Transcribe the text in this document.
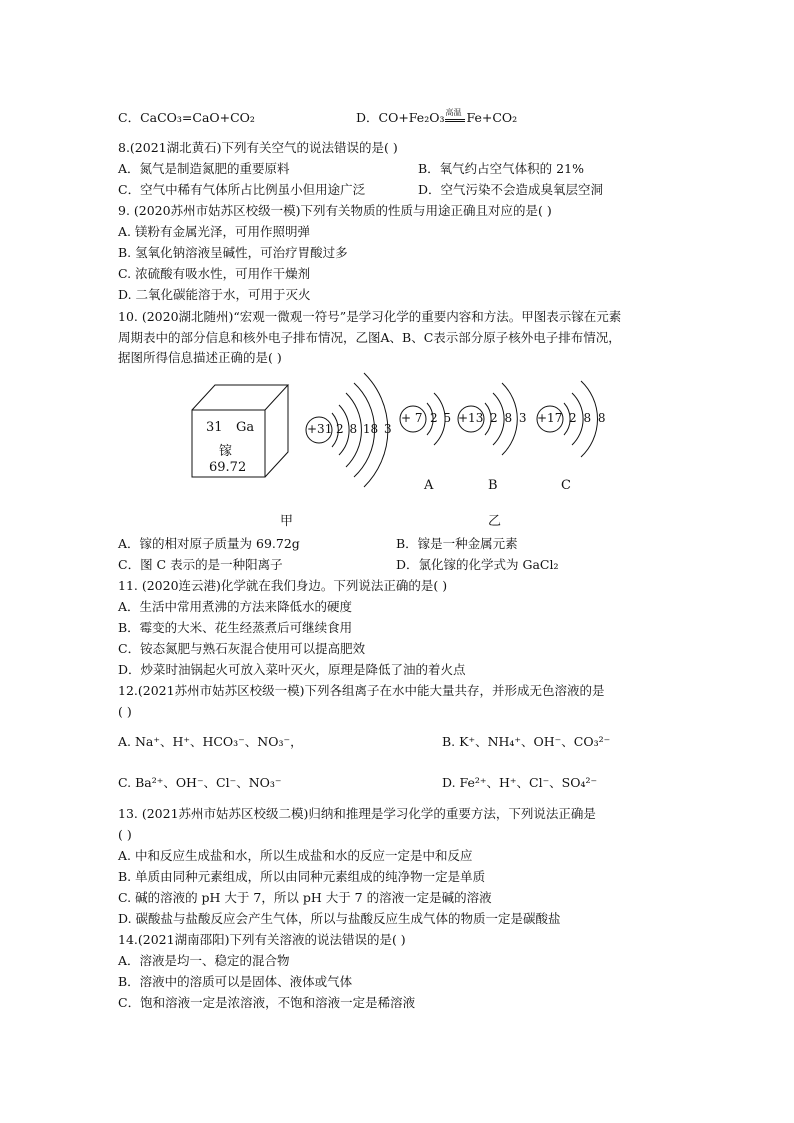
C．CaCO₃=CaO+CO₂	D．CO+Fe₂O₃ 高温 Fe+CO₂
8.(2021湖北黄石)下列有关空气的说法错误的是( )
A．氮气是制造氮肥的重要原料	B．氧气约占空气体积的 21%
C．空气中稀有气体所占比例虽小但用途广泛	D．空气污染不会造成臭氧层空洞
9. (2020苏州市姑苏区校级一模)下列有关物质的性质与用途正确且对应的是( )
A. 镁粉有金属光泽，可用作照明弹
B. 氢氧化钠溶液呈碱性，可治疗胃酸过多
C. 浓硫酸有吸水性，可用作干燥剂
D. 二氧化碳能溶于水，可用于灭火
10. (2020湖北随州)“宏观一微观一符号”是学习化学的重要内容和方法。甲图表示镓在元素
周期表中的部分信息和核外电子排布情况，乙图A、B、C表示部分原子核外电子排布情况，
据图所得信息描述正确的是( )
31 Ga
镓
69.72
+31 2 8 18 3
+ 7 2 5 +13 2 8 3 +17 2 8 8
A	B	C
甲	乙
A．镓的相对原子质量为 69.72g	B．镓是一种金属元素
C．图 C 表示的是一种阳离子	D．氯化镓的化学式为 GaCl₂
11. (2020连云港)化学就在我们身边。下列说法正确的是( )
A．生活中常用煮沸的方法来降低水的硬度
B．霉变的大米、花生经蒸煮后可继续食用
C．铵态氮肥与熟石灰混合使用可以提高肥效
D．炒菜时油锅起火可放入菜叶灭火，原理是降低了油的着火点
12.(2021苏州市姑苏区校级一模)下列各组离子在水中能大量共存，并形成无色溶液的是
( )
A. Na⁺、H⁺、HCO₃⁻、NO₃⁻，	B. K⁺、NH₄⁺、OH⁻、CO₃²⁻
C. Ba²⁺、OH⁻、Cl⁻、NO₃⁻	D. Fe²⁺、H⁺、Cl⁻、SO₄²⁻
13. (2021苏州市姑苏区校级二模)归纳和推理是学习化学的重要方法，下列说法正确是
( )
A. 中和反应生成盐和水，所以生成盐和水的反应一定是中和反应
B. 单质由同种元素组成，所以由同种元素组成的纯净物一定是单质
C. 碱的溶液的 pH 大于 7，所以 pH 大于 7 的溶液一定是碱的溶液
D. 碳酸盐与盐酸反应会产生气体，所以与盐酸反应生成气体的物质一定是碳酸盐
14.(2021湖南邵阳)下列有关溶液的说法错误的是( )
A．溶液是均一、稳定的混合物
B．溶液中的溶质可以是固体、液体或气体
C．饱和溶液一定是浓溶液，不饱和溶液一定是稀溶液
